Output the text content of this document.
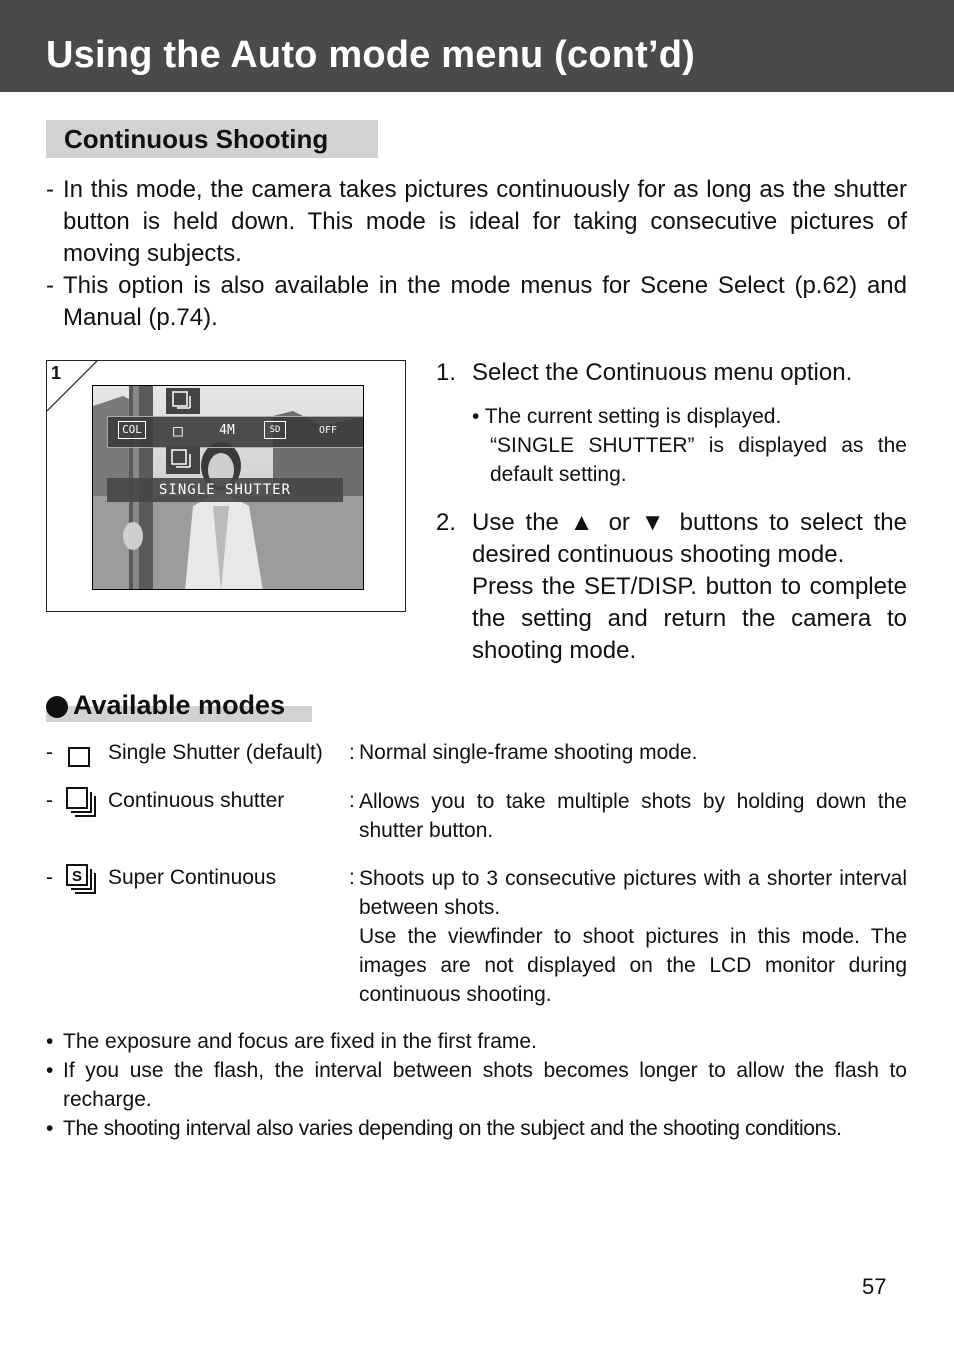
Using the Auto mode menu (cont’d)
Continuous Shooting
- In this mode, the camera takes pictures continuously for as long as the shutter button is held down. This mode is ideal for taking consecutive pictures of moving subjects.

- This option is also available in the mode menus for Scene Select (p.62) and Manual (p.74).

1
COL	□	4M	SD	OFF
SINGLE SHUTTER
1. Select the Continuous menu option.
• The current setting is displayed.
“SINGLE SHUTTER” is displayed as the default setting.
2. Use the ▲ or ▼ buttons to select the desired continuous shooting mode.
Press the SET/DISP. button to complete the setting and return the camera to shooting mode.
Available modes
-	Single Shutter (default) : Normal single-frame shooting mode.
-	Continuous shutter	: Allows you to take multiple shots by holding down the shutter button.
- S Super Continuous	: Shoots up to 3 consecutive pictures with a shorter interval between shots.
Use the viewfinder to shoot pictures in this mode. The images are not displayed on the LCD monitor during continuous shooting.
• The exposure and focus are fixed in the first frame.
• If you use the flash, the interval between shots becomes longer to allow the flash to recharge.
• The shooting interval also varies depending on the subject and the shooting conditions.
57
